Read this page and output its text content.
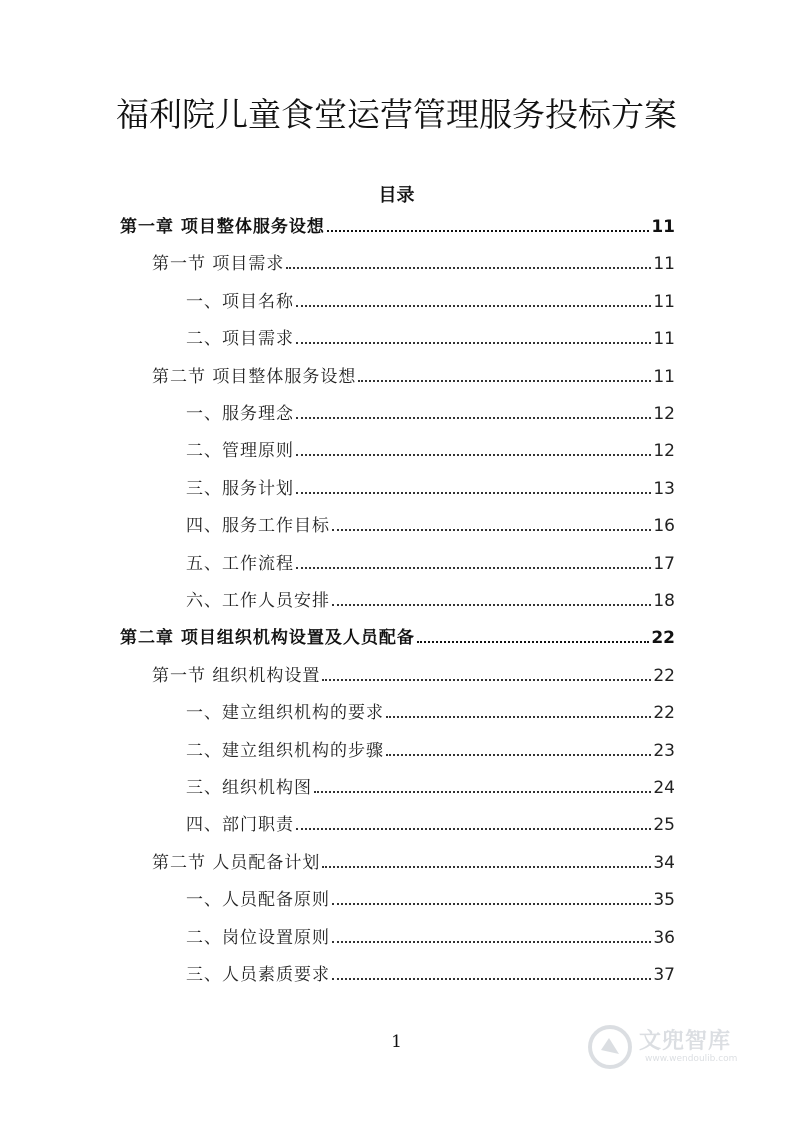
福利院儿童食堂运营管理服务投标方案
目录
第一章 项目整体服务设想	11
第一节 项目需求	11
一、项目名称	11
二、项目需求	11
第二节 项目整体服务设想	11
一、服务理念	12
二、管理原则	12
三、服务计划	13
四、服务工作目标	16
五、工作流程	17
六、工作人员安排	18
第二章 项目组织机构设置及人员配备	22
第一节 组织机构设置	22
一、建立组织机构的要求	22
二、建立组织机构的步骤	23
三、组织机构图	24
四、部门职责	25
第二节 人员配备计划	34
一、人员配备原则	35
二、岗位设置原则	36
三、人员素质要求	37
1	文兜智库
www.wendoulib.com
